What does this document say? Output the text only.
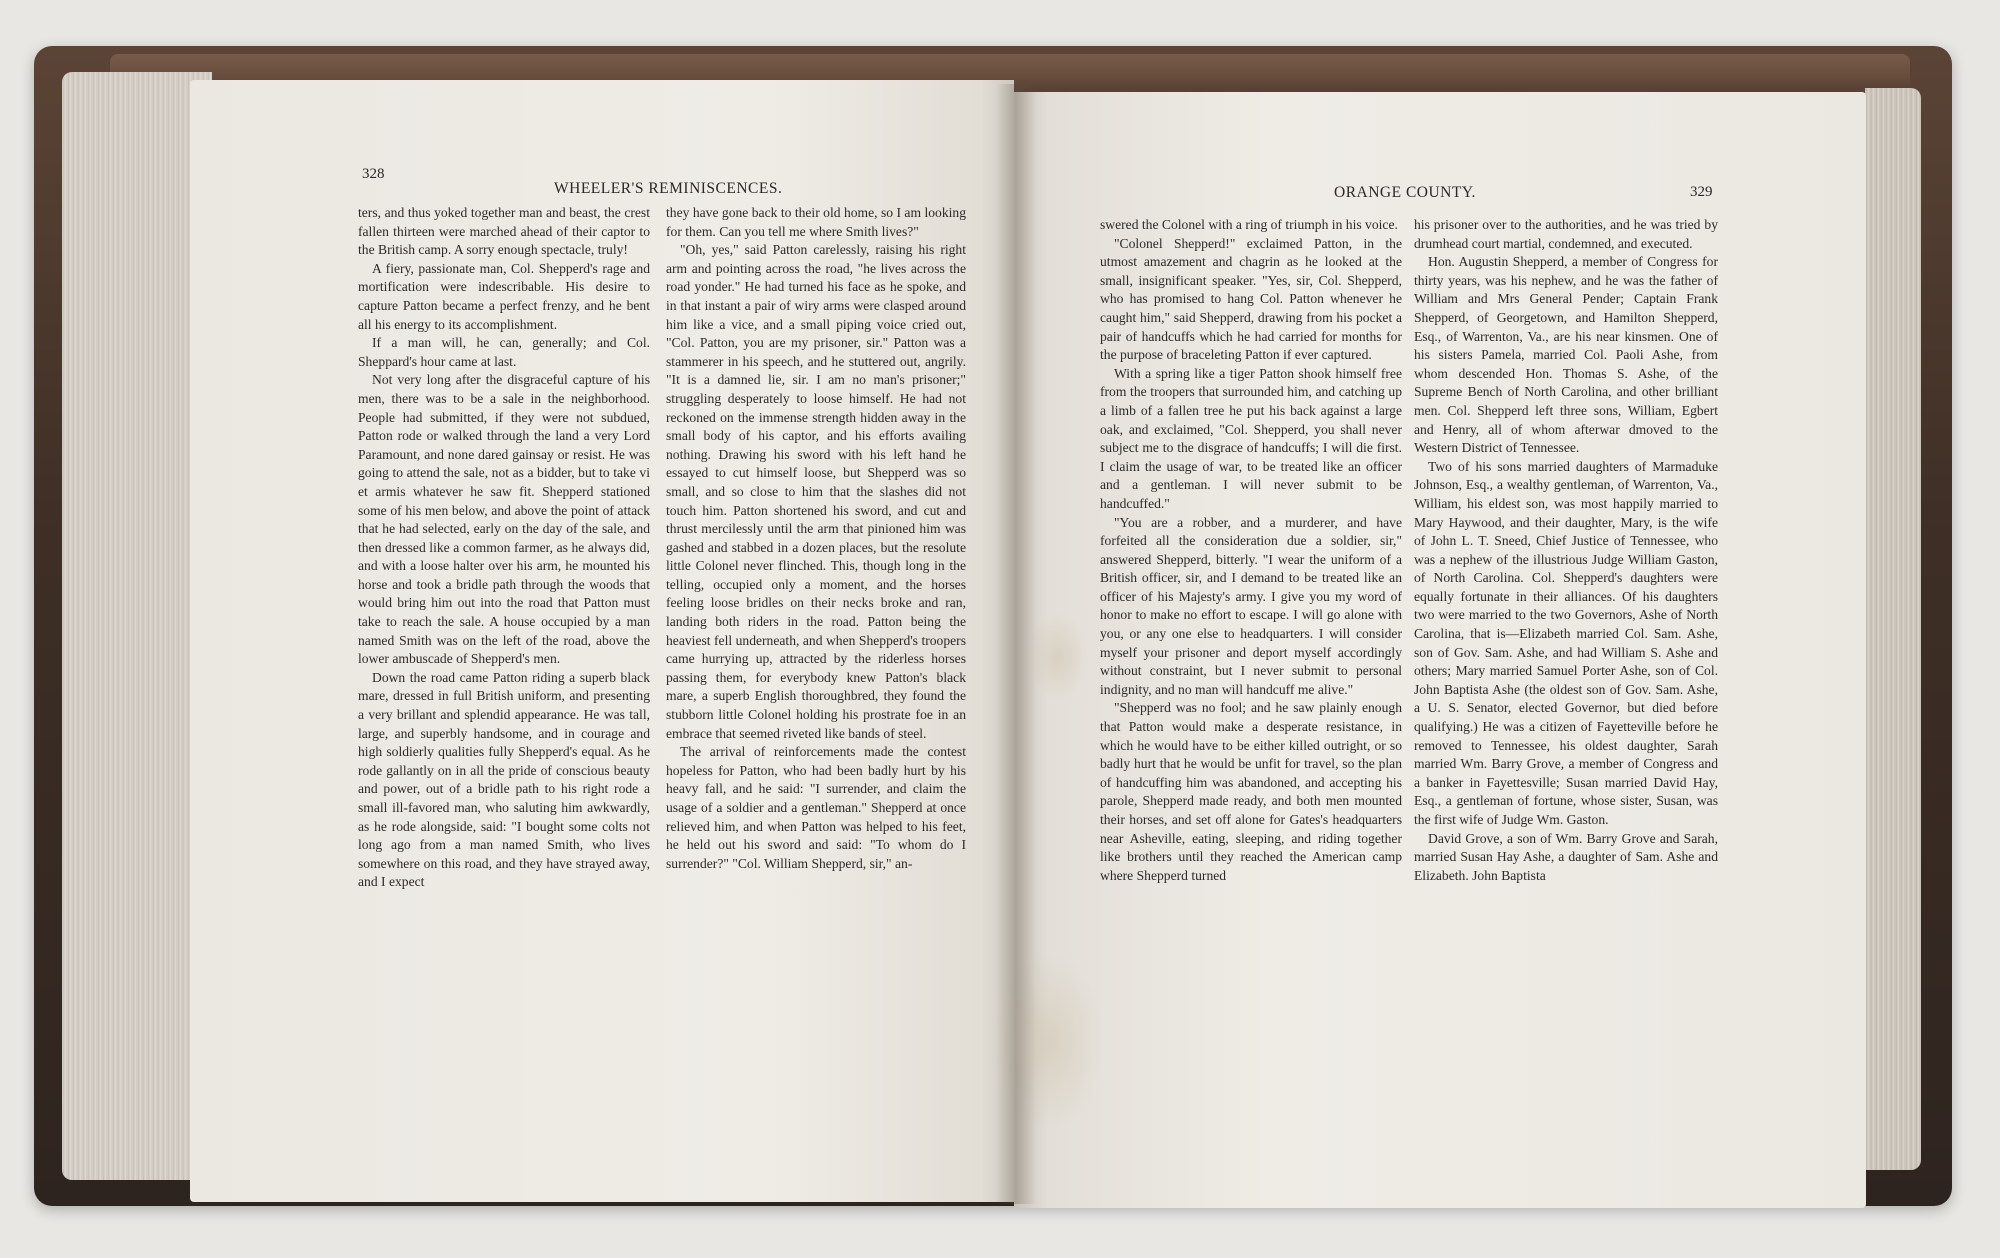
328
WHEELER'S REMINISCENCES.

ters, and thus yoked together man and beast, the crest fallen thirteen were marched ahead of their captor to the British camp. A sorry enough spectacle, truly!

A fiery, passionate man, Col. Shepperd's rage and mortification were indescribable. His desire to capture Patton became a perfect frenzy, and he bent all his energy to its accomplishment.

If a man will, he can, generally; and Col. Sheppard's hour came at last.

Not very long after the disgraceful capture of his men, there was to be a sale in the neighborhood. People had submitted, if they were not subdued, Patton rode or walked through the land a very Lord Paramount, and none dared gainsay or resist. He was going to attend the sale, not as a bidder, but to take vi et armis whatever he saw fit. Shepperd stationed some of his men below, and above the point of attack that he had selected, early on the day of the sale, and then dressed like a common farmer, as he always did, and with a loose halter over his arm, he mounted his horse and took a bridle path through the woods that would bring him out into the road that Patton must take to reach the sale. A house occupied by a man named Smith was on the left of the road, above the lower ambuscade of Shepperd's men.

Down the road came Patton riding a superb black mare, dressed in full British uniform, and presenting a very brillant and splendid appearance. He was tall, large, and superbly handsome, and in courage and high soldierly qualities fully Shepperd's equal. As he rode gallantly on in all the pride of conscious beauty and power, out of a bridle path to his right rode a small ill-favored man, who saluting him awkwardly, as he rode alongside, said: "I bought some colts not long ago from a man named Smith, who lives somewhere on this road, and they have strayed away, and I expect

they have gone back to their old home, so I am looking for them. Can you tell me where Smith lives?"

"Oh, yes," said Patton carelessly, raising his right arm and pointing across the road, "he lives across the road yonder." He had turned his face as he spoke, and in that instant a pair of wiry arms were clasped around him like a vice, and a small piping voice cried out, "Col. Patton, you are my prisoner, sir." Patton was a stammerer in his speech, and he stuttered out, angrily. "It is a damned lie, sir. I am no man's prisoner;" struggling desperately to loose himself. He had not reckoned on the immense strength hidden away in the small body of his captor, and his efforts availing nothing. Drawing his sword with his left hand he essayed to cut himself loose, but Shepperd was so small, and so close to him that the slashes did not touch him. Patton shortened his sword, and cut and thrust mercilessly until the arm that pinioned him was gashed and stabbed in a dozen places, but the resolute little Colonel never flinched. This, though long in the telling, occupied only a moment, and the horses feeling loose bridles on their necks broke and ran, landing both riders in the road. Patton being the heaviest fell underneath, and when Shepperd's troopers came hurrying up, attracted by the riderless horses passing them, for everybody knew Patton's black mare, a superb English thoroughbred, they found the stubborn little Colonel holding his prostrate foe in an embrace that seemed riveted like bands of steel.

The arrival of reinforcements made the contest hopeless for Patton, who had been badly hurt by his heavy fall, and he said: "I surrender, and claim the usage of a soldier and a gentleman." Shepperd at once relieved him, and when Patton was helped to his feet, he held out his sword and said: "To whom do I surrender?" "Col. William Shepperd, sir," an-

ORANGE COUNTY.	329

swered the Colonel with a ring of triumph in his voice.

"Colonel Shepperd!" exclaimed Patton, in the utmost amazement and chagrin as he looked at the small, insignificant speaker. "Yes, sir, Col. Shepperd, who has promised to hang Col. Patton whenever he caught him," said Shepperd, drawing from his pocket a pair of handcuffs which he had carried for months for the purpose of braceleting Patton if ever captured.

With a spring like a tiger Patton shook himself free from the troopers that surrounded him, and catching up a limb of a fallen tree he put his back against a large oak, and exclaimed, "Col. Shepperd, you shall never subject me to the disgrace of handcuffs; I will die first. I claim the usage of war, to be treated like an officer and a gentleman. I will never submit to be handcuffed."

"You are a robber, and a murderer, and have forfeited all the consideration due a soldier, sir," answered Shepperd, bitterly. "I wear the uniform of a British officer, sir, and I demand to be treated like an officer of his Majesty's army. I give you my word of honor to make no effort to escape. I will go alone with you, or any one else to headquarters. I will consider myself your prisoner and deport myself accordingly without constraint, but I never submit to personal indignity, and no man will handcuff me alive."

"Shepperd was no fool; and he saw plainly enough that Patton would make a desperate resistance, in which he would have to be either killed outright, or so badly hurt that he would be unfit for travel, so the plan of handcuffing him was abandoned, and accepting his parole, Shepperd made ready, and both men mounted their horses, and set off alone for Gates's headquarters near Asheville, eating, sleeping, and riding together like brothers until they reached the American camp where Shepperd turned

his prisoner over to the authorities, and he was tried by drumhead court martial, condemned, and executed.

Hon. Augustin Shepperd, a member of Congress for thirty years, was his nephew, and he was the father of William and Mrs General Pender; Captain Frank Shepperd, of Georgetown, and Hamilton Shepperd, Esq., of Warrenton, Va., are his near kinsmen. One of his sisters Pamela, married Col. Paoli Ashe, from whom descended Hon. Thomas S. Ashe, of the Supreme Bench of North Carolina, and other brilliant men. Col. Shepperd left three sons, William, Egbert and Henry, all of whom afterwar dmoved to the Western District of Tennessee.

Two of his sons married daughters of Marmaduke Johnson, Esq., a wealthy gentleman, of Warrenton, Va., William, his eldest son, was most happily married to Mary Haywood, and their daughter, Mary, is the wife of John L. T. Sneed, Chief Justice of Tennessee, who was a nephew of the illustrious Judge William Gaston, of North Carolina. Col. Shepperd's daughters were equally fortunate in their alliances. Of his daughters two were married to the two Governors, Ashe of North Carolina, that is—Elizabeth married Col. Sam. Ashe, son of Gov. Sam. Ashe, and had William S. Ashe and others; Mary married Samuel Porter Ashe, son of Col. John Baptista Ashe (the oldest son of Gov. Sam. Ashe, a U. S. Senator, elected Governor, but died before qualifying.) He was a citizen of Fayetteville before he removed to Tennessee, his oldest daughter, Sarah married Wm. Barry Grove, a member of Congress and a banker in Fayettesville; Susan married David Hay, Esq., a gentleman of fortune, whose sister, Susan, was the first wife of Judge Wm. Gaston.

David Grove, a son of Wm. Barry Grove and Sarah, married Susan Hay Ashe, a daughter of Sam. Ashe and Elizabeth. John Baptista
